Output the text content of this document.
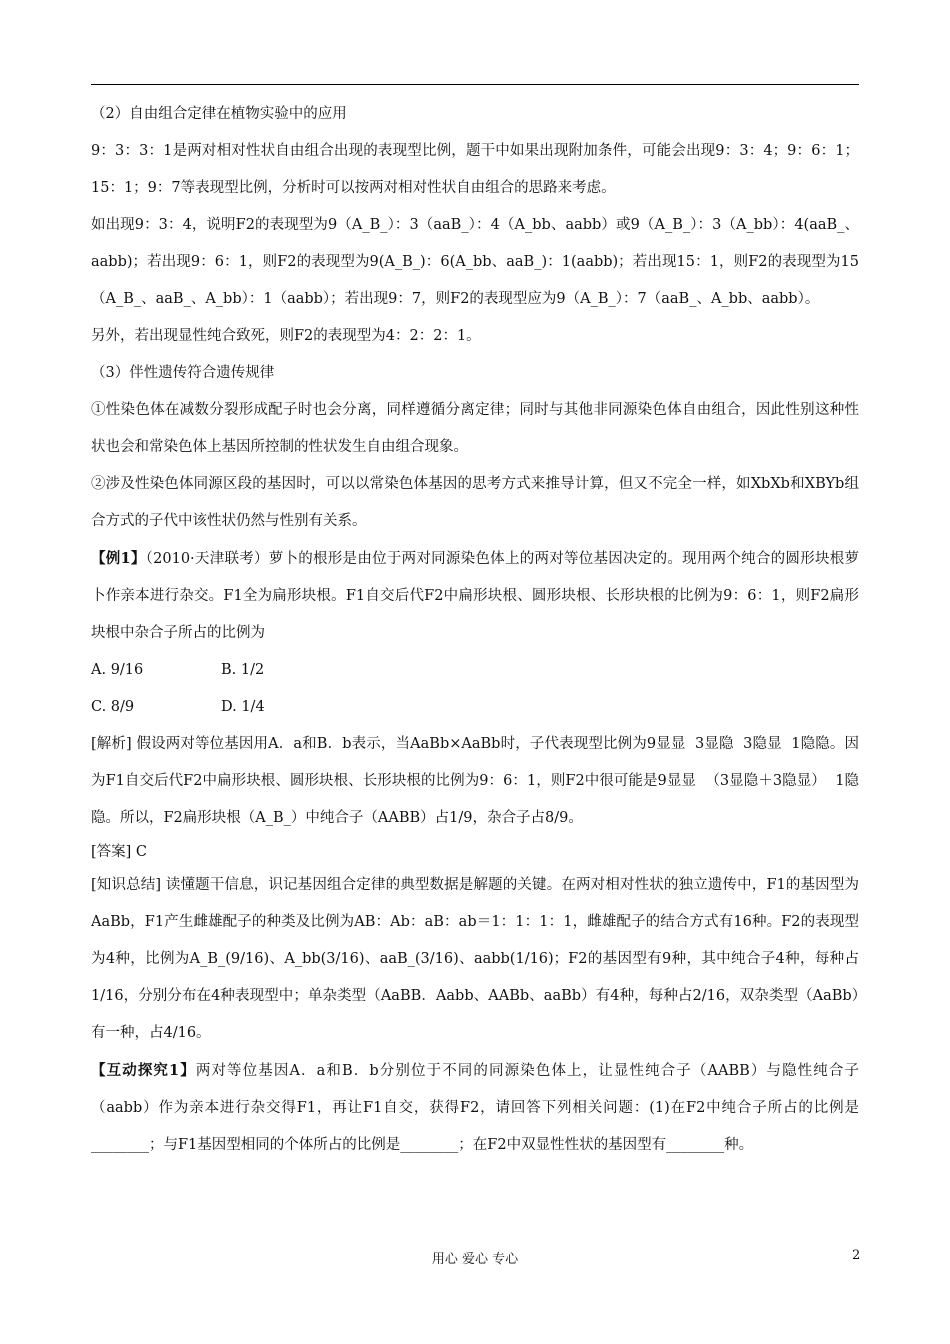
（2）自由组合定律在植物实验中的应用

9：3：3：1是两对相对性状自由组合出现的表现型比例，题干中如果出现附加条件，可能会出现9：3：4；9：6：1；15：1；9：7等表现型比例，分析时可以按两对相对性状自由组合的思路来考虑。

如出现9：3：4，说明F2的表现型为9（A_B_）：3（aaB_）：4（A_bb、aabb）或9（A_B_）：3（A_bb）：4(aaB_、aabb)；若出现9：6：1，则F2的表现型为9(A_B_)：6(A_bb、aaB_)：1(aabb)；若出现15：1，则F2的表现型为15（A_B_、aaB_、A_bb）：1（aabb）；若出现9：7，则F2的表现型应为9（A_B_）：7（aaB_、A_bb、aabb）。

另外，若出现显性纯合致死，则F2的表现型为4：2：2：1。

（3）伴性遗传符合遗传规律

①性染色体在减数分裂形成配子时也会分离，同样遵循分离定律；同时与其他非同源染色体自由组合，因此性别这种性状也会和常染色体上基因所控制的性状发生自由组合现象。

②涉及性染色体同源区段的基因时，可以以常染色体基因的思考方式来推导计算，但又不完全一样，如XbXb和XBYb组合方式的子代中该性状仍然与性别有关系。

【例1】（2010·天津联考）萝卜的根形是由位于两对同源染色体上的两对等位基因决定的。现用两个纯合的圆形块根萝卜作亲本进行杂交。F1全为扁形块根。F1自交后代F2中扁形块根、圆形块根、长形块根的比例为9：6：1，则F2扁形块根中杂合子所占的比例为

A. 9/16	B. 1/2

C. 8/9	D. 1/4

[解析] 假设两对等位基因用A．a和B．b表示，当AaBb×AaBb时，子代表现型比例为9显显  3显隐  3隐显  1隐隐。因为F1自交后代F2中扁形块根、圆形块根、长形块根的比例为9：6：1，则F2中很可能是9显显  （3显隐＋3隐显）  1隐隐。所以，F2扁形块根（A_B_）中纯合子（AABB）占1/9，杂合子占8/9。

[答案] C

[知识总结] 读懂题干信息，识记基因组合定律的典型数据是解题的关键。在两对相对性状的独立遗传中，F1的基因型为AaBb，F1产生雌雄配子的种类及比例为AB：Ab：aB：ab＝1：1：1：1，雌雄配子的结合方式有16种。F2的表现型为4种，比例为A_B_(9/16)、A_bb(3/16)、aaB_(3/16)、aabb(1/16)；F2的基因型有9种，其中纯合子4种，每种占1/16，分别分布在4种表现型中；单杂类型（AaBB．Aabb、AABb、aaBb）有4种，每种占2/16，双杂类型（AaBb）有一种，占4/16。

【互动探究1】两对等位基因A．a和B．b分别位于不同的同源染色体上，让显性纯合子（AABB）与隐性纯合子（aabb）作为亲本进行杂交得F1，再让F1自交，获得F2，请回答下列相关问题：(1)在F2中纯合子所占的比例是________；与F1基因型相同的个体所占的比例是________；在F2中双显性性状的基因型有________种。

用心 爱心 专心	2
